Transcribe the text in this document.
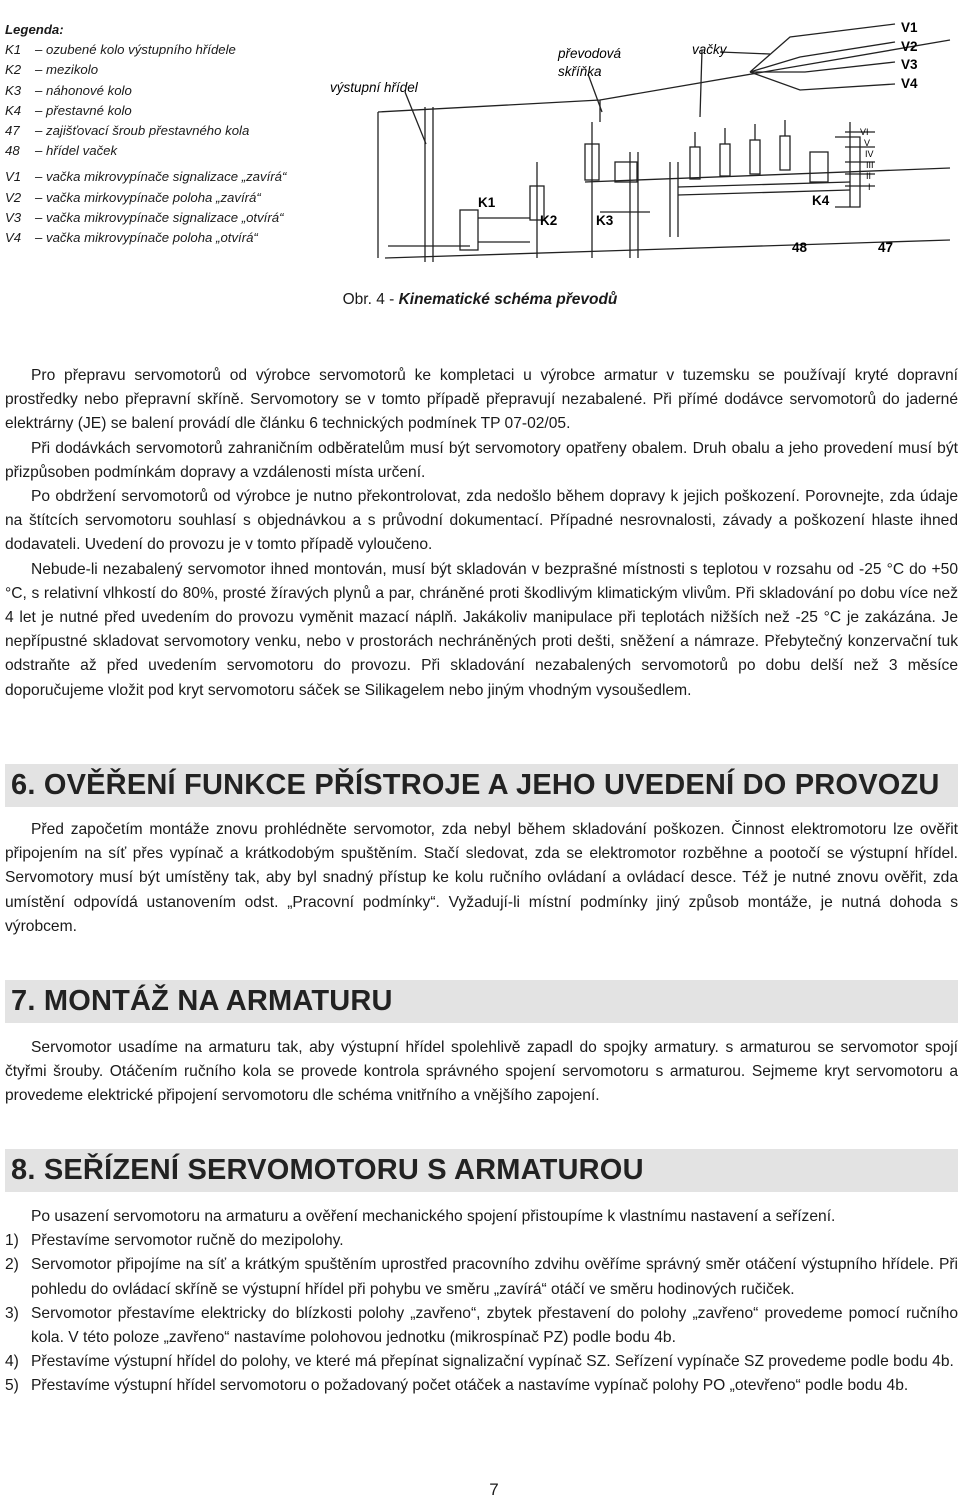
Legenda:
K1	– ozubené kolo výstupního hřídele
K2	– mezikolo
K3	– náhonové kolo
K4	– přestavné kolo
47	– zajišťovací šroub přestavného kola
48	– hřídel vaček
V1	– vačka mikrovypínače signalizace „zavírá“
V2	– vačka mirkovypínače poloha „zavírá“
V3	– vačka mikrovypínače signalizace „otvírá“
V4	– vačka mikrovypínače poloha „otvírá“
výstupní hřídel
převodová
skříňka
vačky
K1
K2	K3
K4
48	47
V1
V2
V3
V4
VI
V
IV
III
II
I
Obr. 4 - Kinematické schéma převodů

Pro přepravu servomotorů od výrobce servomotorů ke kompletaci u výrobce armatur v tuzemsku se používají kryté dopravní prostředky nebo přepravní skříně. Servomotory se v tomto případě přepravují nezabalené. Při přímé dodávce servomotorů do jaderné elektrárny (JE) se balení provádí dle článku 6 technických podmínek TP 07-02/05.

Při dodávkách servomotorů zahraničním odběratelům musí být servomotory opatřeny obalem. Druh obalu a jeho provedení musí být přizpůsoben podmínkám dopravy a vzdálenosti místa určení.

Po obdržení servomotorů od výrobce je nutno překontrolovat, zda nedošlo během dopravy k jejich poškození. Porovnejte, zda údaje na štítcích servomotoru souhlasí s objednávkou a s průvodní dokumentací. Případné nesrovnalosti, závady a poškození hlaste ihned dodavateli. Uvedení do provozu je v tomto případě vyloučeno.

Nebude-li nezabalený servomotor ihned montován, musí být skladován v bezprašné místnosti s teplotou v rozsahu od -25 °C do +50 °C, s relativní vlhkostí do 80%, prosté žíravých plynů a par, chráněné proti škodlivým klimatickým vlivům. Při skladování po dobu více než 4 let je nutné před uvedením do provozu vyměnit mazací náplň. Jakákoliv manipulace při teplotách nižších než -25 °C je zakázána. Je nepřípustné skladovat servomotory venku, nebo v prostorách nechráněných proti dešti, sněžení a námraze. Přebytečný konzervační tuk odstraňte až před uvedením servomotoru do provozu. Při skladování nezabalených servomotorů po dobu delší než 3 měsíce doporučujeme vložit pod kryt servomotoru sáček se Silikagelem nebo jiným vhodným vysoušedlem.

6. OVĚŘENÍ FUNKCE PŘÍSTROJE A JEHO UVEDENÍ DO PROVOZU

Před započetím montáže znovu prohlédněte servomotor, zda nebyl během skladování poškozen. Činnost elektromotoru lze ověřit připojením na síť přes vypínač a krátkodobým spuštěním. Stačí sledovat, zda se elektromotor rozběhne a pootočí se výstupní hřídel. Servomotory musí být umístěny tak, aby byl snadný přístup ke kolu ručního ovládaní a ovládací desce. Též je nutné znovu ověřit, zda umístění odpovídá ustanovením odst. „Pracovní podmínky“. Vyžadují-li místní podmínky jiný způsob montáže, je nutná dohoda s výrobcem.

7. MONTÁŽ NA ARMATURU

Servomotor usadíme na armaturu tak, aby výstupní hřídel spolehlivě zapadl do spojky armatury. s armaturou se servomotor spojí čtyřmi šrouby. Otáčením ručního kola se provede kontrola správného spojení servomotoru s armaturou. Sejmeme kryt servomotoru a provedeme elektrické připojení servomotoru dle schéma vnitřního a vnějšího zapojení.

8. SEŘÍZENÍ SERVOMOTORU S ARMATUROU

Po usazení servomotoru na armaturu a ověření mechanického spojení přistoupíme k vlastnímu nastavení a seřízení.

1) Přestavíme servomotor ručně do mezipolohy.
2) Servomotor připojíme na síť a krátkým spuštěním uprostřed pracovního zdvihu ověříme správný směr otáčení výstupního hřídele. Při pohledu do ovládací skříně se výstupní hřídel při pohybu ve směru „zavírá“ otáčí ve směru hodinových ručiček.
3) Servomotor přestavíme elektricky do blízkosti polohy „zavřeno“, zbytek přestavení do polohy „zavřeno“ provedeme pomocí ručního kola. V této poloze „zavřeno“ nastavíme polohovou jednotku (mikrospínač PZ) podle bodu 4b.
4) Přestavíme výstupní hřídel do polohy, ve které má přepínat signalizační vypínač SZ. Seřízení vypínače SZ provedeme podle bodu 4b.
5) Přestavíme výstupní hřídel servomotoru o požadovaný počet otáček a nastavíme vypínač polohy PO „otevřeno“ podle bodu 4b.
7
